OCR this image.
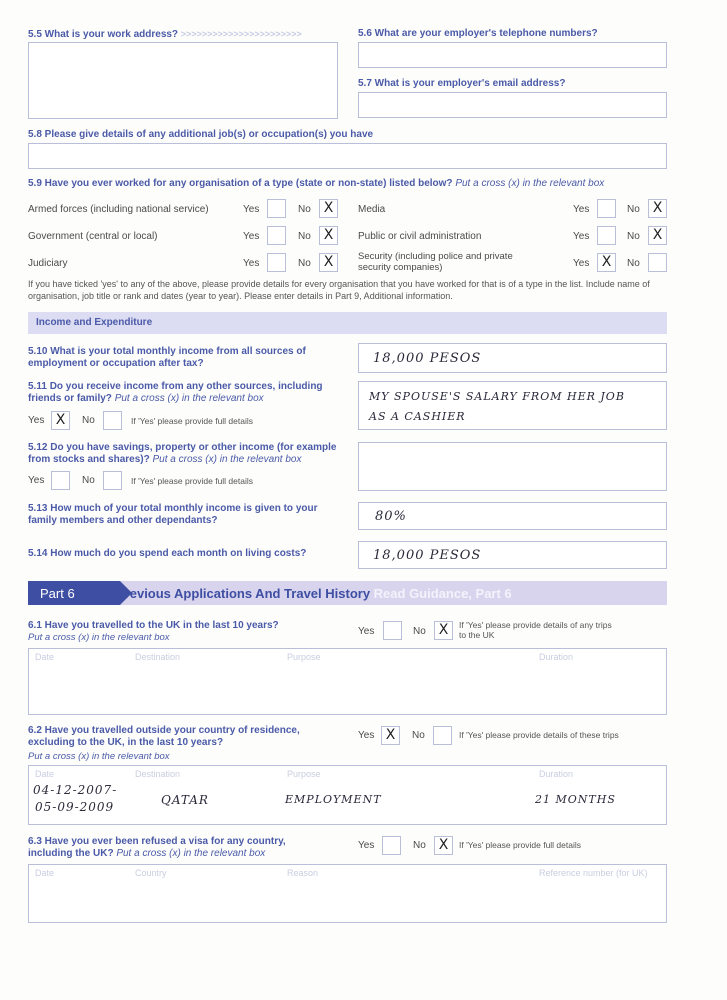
5.5 What is your work address? >>>>>>>>>>>>>>>>>>>>>>>	5.6 What are your employer's telephone numbers?
5.7 What is your employer's email address?
5.8 Please give details of any additional job(s) or occupation(s) you have
5.9 Have you ever worked for any organisation of a type (state or non-state) listed below? Put a cross (x) in the relevant box
Armed forces (including national service)	Yes	No X
Government (central or local)	Yes	No X
Judiciary	Yes	No X
Media	Yes	No X
Public or civil administration	Yes	No X
Security (including police and private security companies)	Yes X	No
If you have ticked 'yes' to any of the above, please provide details for every organisation that you have worked for that is of a type in the list. Include name of organisation, job title or rank and dates (year to year). Please enter details in Part 9, Additional information.
Income and Expenditure
5.10 What is your total monthly income from all sources of employment or occupation after tax?	18,000 PESOS
5.11 Do you receive income from any other sources, including friends or family? Put a cross (x) in the relevant box
Yes X	No	If 'Yes' please provide full details
MY SPOUSE'S SALARY FROM HER JOB
AS A CASHIER
5.12 Do you have savings, property or other income (for example from stocks and shares)? Put a cross (x) in the relevant box
Yes	No	If 'Yes' please provide full details
5.13 How much of your total monthly income is given to your family members and other dependants?	80%
5.14 How much do you spend each month on living costs?	18,000 PESOS
Part 6	Previous Applications And Travel History Read Guidance, Part 6
6.1 Have you travelled to the UK in the last 10 years?
Put a cross (x) in the relevant box
Yes	No X	If 'Yes' please provide details of any trips to the UK
Date	Destination	Purpose	Duration
6.2 Have you travelled outside your country of residence, excluding to the UK, in the last 10 years?
Put a cross (x) in the relevant box
Yes X	No	If 'Yes' please provide details of these trips
Date	Destination	Purpose	Duration
04-12-2007-
05-09-2009	QATAR	EMPLOYMENT	21 MONTHS
6.3 Have you ever been refused a visa for any country, including the UK? Put a cross (x) in the relevant box
Yes	No X	If 'Yes' please provide full details
Date	Country	Reason	Reference number (for UK)
